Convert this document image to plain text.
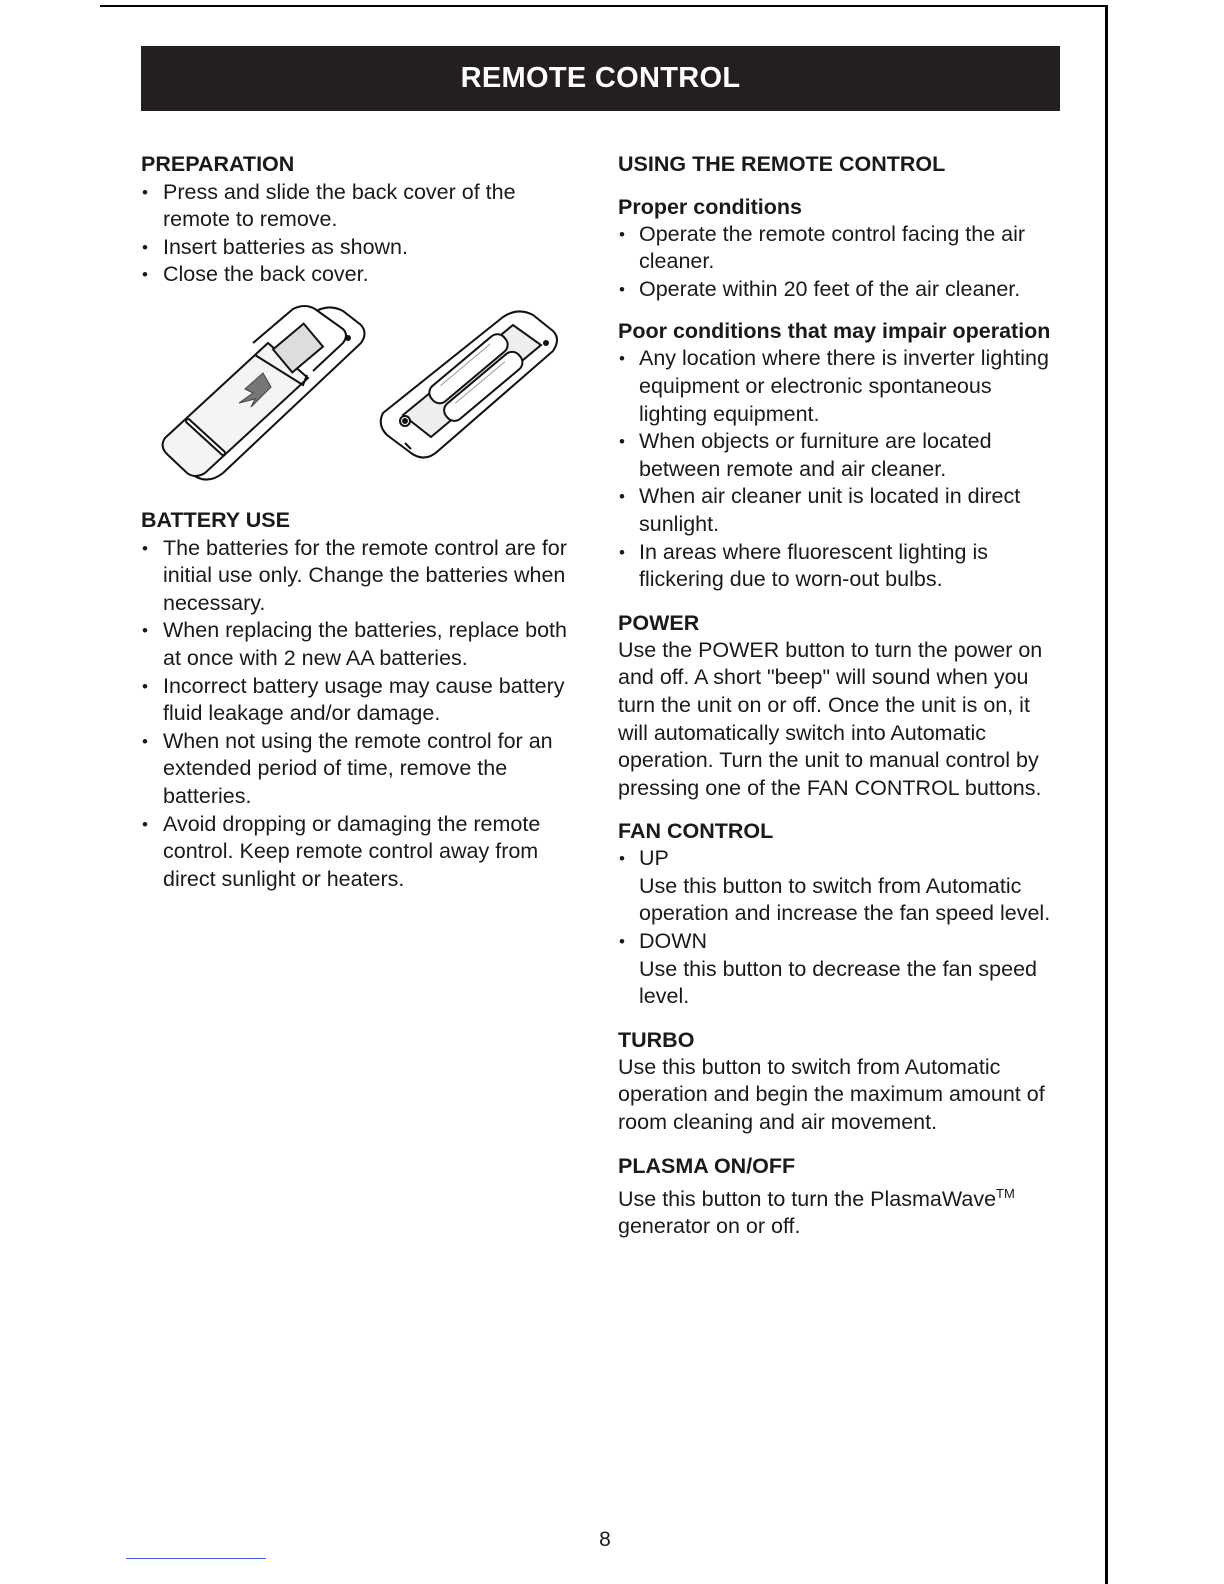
REMOTE CONTROL
PREPARATION
• Press and slide the back cover of the remote to remove.
• Insert batteries as shown.
• Close the back cover.
BATTERY USE
• The batteries for the remote control are for initial use only. Change the batteries when necessary.
• When replacing the batteries, replace both at once with 2 new AA batteries.
• Incorrect battery usage may cause battery fluid leakage and/or damage.
• When not using the remote control for an extended period of time, remove the batteries.
• Avoid dropping or damaging the remote control. Keep remote control away from direct sunlight or heaters.
USING THE REMOTE CONTROL
Proper conditions
• Operate the remote control facing the air cleaner.
• Operate within 20 feet of the air cleaner.
Poor conditions that may impair operation
• Any location where there is inverter lighting equipment or electronic spontaneous lighting equipment.
• When objects or furniture are located between remote and air cleaner.
• When air cleaner unit is located in direct sunlight.
• In areas where fluorescent lighting is flickering due to worn-out bulbs.
POWER

Use the POWER button to turn the power on and off. A short "beep" will sound when you turn the unit on or off. Once the unit is on, it will automatically switch into Automatic operation. Turn the unit to manual control by pressing one of the FAN CONTROL buttons.

FAN CONTROL
• UP
Use this button to switch from Automatic operation and increase the fan speed level.
• DOWN
Use this button to decrease the fan speed level.
TURBO

Use this button to switch from Automatic operation and begin the maximum amount of room cleaning and air movement.

PLASMA ON/OFF

Use this button to turn the PlasmaWave™ generator on or off.

8
